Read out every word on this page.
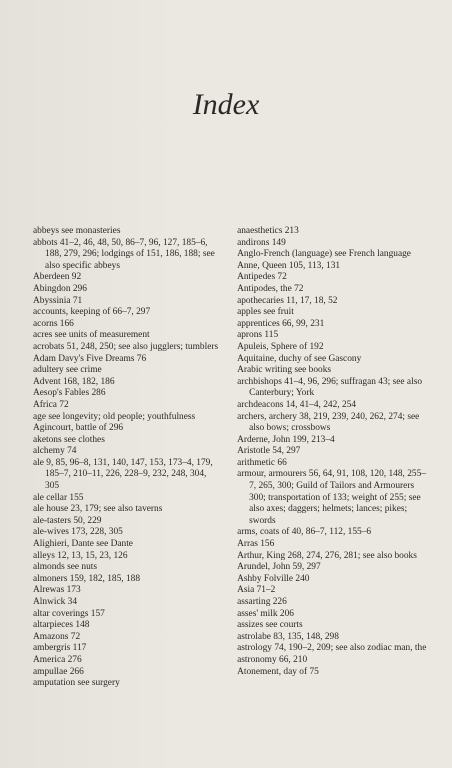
Index

abbeys see monasteries

abbots 41–2, 46, 48, 50, 86–7, 96, 127, 185–6, 188, 279, 296; lodgings of 151, 186, 188; see also specific abbeys

Aberdeen 92

Abingdon 296

Abyssinia 71

accounts, keeping of 66–7, 297

acorns 166

acres see units of measurement

acrobats 51, 248, 250; see also jugglers; tumblers

Adam Davy's Five Dreams 76

adultery see crime

Advent 168, 182, 186

Aesop's Fables 286

Africa 72

age see longevity; old people; youthfulness

Agincourt, battle of 296

aketons see clothes

alchemy 74

ale 9, 85, 96–8, 131, 140, 147, 153, 173–4, 179, 185–7, 210–11, 226, 228–9, 232, 248, 304, 305

ale cellar 155

ale house 23, 179; see also taverns

ale-tasters 50, 229

ale-wives 173, 228, 305

Alighieri, Dante see Dante

alleys 12, 13, 15, 23, 126

almonds see nuts

almoners 159, 182, 185, 188

Alrewas 173

Alnwick 34

altar coverings 157

altarpieces 148

Amazons 72

ambergris 117

America 276

ampullae 266

amputation see surgery

anaesthetics 213

andirons 149

Anglo-French (language) see French language

Anne, Queen 105, 113, 131

Antipedes 72

Antipodes, the 72

apothecaries 11, 17, 18, 52

apples see fruit

apprentices 66, 99, 231

aprons 115

Apuleis, Sphere of 192

Aquitaine, duchy of see Gascony

Arabic writing see books

archbishops 41–4, 96, 296; suffragan 43; see also Canterbury; York

archdeacons 14, 41–4, 242, 254

archers, archery 38, 219, 239, 240, 262, 274; see also bows; crossbows

Arderne, John 199, 213–4

Aristotle 54, 297

arithmetic 66

armour, armourers 56, 64, 91, 108, 120, 148, 255–7, 265, 300; Guild of Tailors and Armourers 300; transportation of 133; weight of 255; see also axes; daggers; helmets; lances; pikes; swords

arms, coats of 40, 86–7, 112, 155–6

Arras 156

Arthur, King 268, 274, 276, 281; see also books

Arundel, John 59, 297

Ashby Folville 240

Asia 71–2

assarting 226

asses' milk 206

assizes see courts

astrolabe 83, 135, 148, 298

astrology 74, 190–2, 209; see also zodiac man, the

astronomy 66, 210

Atonement, day of 75
